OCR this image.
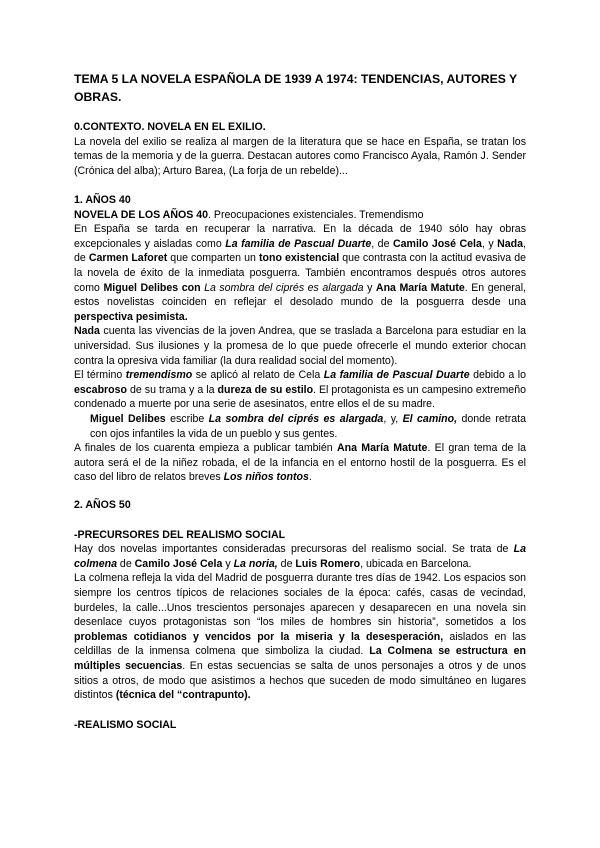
TEMA 5 LA NOVELA ESPAÑOLA DE 1939 A 1974: TENDENCIAS, AUTORES Y OBRAS.
0.CONTEXTO. NOVELA EN EL EXILIO.
La novela del exilio se realiza al margen de la literatura que se hace en España, se tratan los temas de la memoria y de la guerra. Destacan autores como Francisco Ayala, Ramón J. Sender (Crónica del alba); Arturo Barea, (La forja de un rebelde)...
1. AÑOS 40
NOVELA DE LOS AÑOS 40. Preocupaciones existenciales. Tremendismo
En España se tarda en recuperar la narrativa. En la década de 1940 sólo hay obras excepcionales y aisladas como La familia de Pascual Duarte, de Camilo José Cela, y Nada, de Carmen Laforet que comparten un tono existencial que contrasta con la actitud evasiva de la novela de éxito de la inmediata posguerra. También encontramos después otros autores como Miguel Delibes con La sombra del ciprés es alargada y Ana María Matute. En general, estos novelistas coinciden en reflejar el desolado mundo de la posguerra desde una perspectiva pesimista.
Nada cuenta las vivencias de la joven Andrea, que se traslada a Barcelona para estudiar en la universidad. Sus ilusiones y la promesa de lo que puede ofrecerle el mundo exterior chocan contra la opresiva vida familiar (la dura realidad social del momento).
El término tremendismo se aplicó al relato de Cela La familia de Pascual Duarte debido a lo escabroso de su trama y a la dureza de su estilo. El protagonista es un campesino extremeño condenado a muerte por una serie de asesinatos, entre ellos el de su madre.
Miguel Delibes escribe La sombra del ciprés es alargada, y, El camino, donde retrata con ojos infantiles la vida de un pueblo y sus gentes.
A finales de los cuarenta empieza a publicar también Ana María Matute. El gran tema de la autora será el de la niñez robada, el de la infancia en el entorno hostil de la posguerra. Es el caso del libro de relatos breves Los niños tontos.
2. AÑOS 50
-PRECURSORES DEL REALISMO SOCIAL
Hay dos novelas importantes consideradas precursoras del realismo social. Se trata de La colmena de Camilo José Cela y La noria, de Luis Romero, ubicada en Barcelona.
La colmena refleja la vida del Madrid de posguerra durante tres días de 1942. Los espacios son siempre los centros típicos de relaciones sociales de la época: cafés, casas de vecindad, burdeles, la calle...Unos trescientos personajes aparecen y desaparecen en una novela sin desenlace cuyos protagonistas son “los miles de hombres sin historia”, sometidos a los problemas cotidianos y vencidos por la miseria y la desesperación, aislados en las celdillas de la inmensa colmena que simboliza la ciudad. La Colmena se estructura en múltiples secuencias. En estas secuencias se salta de unos personajes a otros y de unos sitios a otros, de modo que asistimos a hechos que suceden de modo simultáneo en lugares distintos (técnica del “contrapunto).
-REALISMO SOCIAL
